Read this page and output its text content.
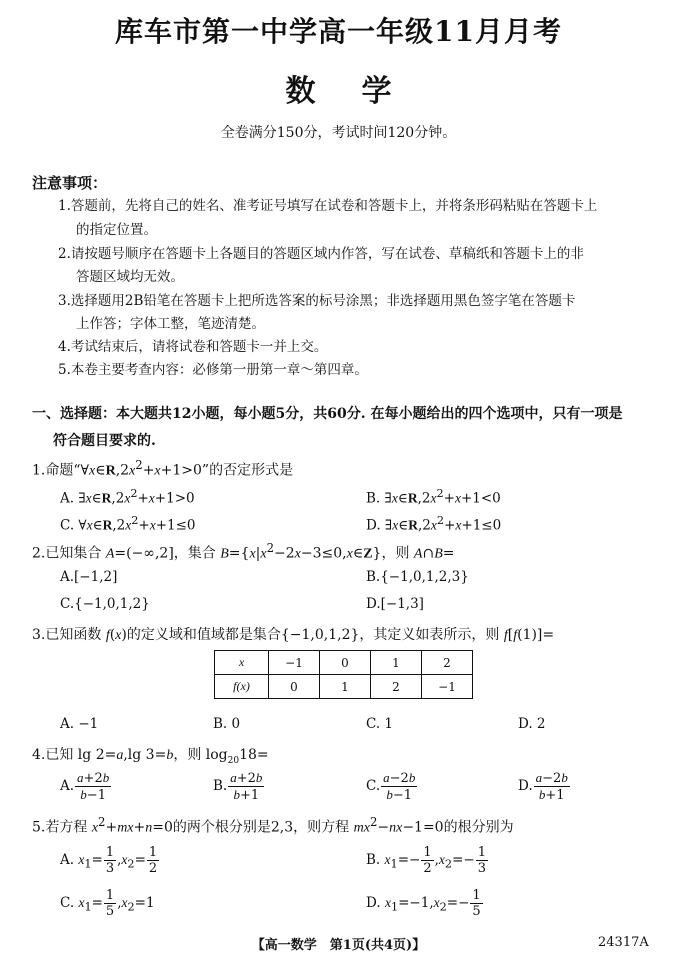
库车市第一中学高一年级11月月考
数学
全卷满分150分，考试时间120分钟。
注意事项：
1.答题前，先将自己的姓名、准考证号填写在试卷和答题卡上，并将条形码粘贴在答题卡上
的指定位置。
2.请按题号顺序在答题卡上各题目的答题区域内作答，写在试卷、草稿纸和答题卡上的非
答题区域均无效。
3.选择题用2B铅笔在答题卡上把所选答案的标号涂黑；非选择题用黑色签字笔在答题卡
上作答；字体工整，笔迹清楚。
4.考试结束后，请将试卷和答题卡一并上交。
5.本卷主要考查内容：必修第一册第一章～第四章。
一、选择题：本大题共12小题，每小题5分，共60分. 在每小题给出的四个选项中，只有一项是
符合题目要求的.
1.命题“$\forall x\in R,2x^2+x+1>0$”的否定形式是
A. $\exists x\in R,2x^2+x+1>0$	B. $\exists x\in R,2x^2+x+1<0$
C. $\forall x\in R,2x^2+x+1\le 0$	D. $\exists x\in R,2x^2+x+1\le 0$
2.已知集合 A=(−∞,2]，集合 $B=\{x|x^2-2x-3\le 0,x\in Z\}$，则 A∩B=
A.[−1,2]	B.{−1,0,1,2,3}
C.{−1,0,1,2}	D.[−1,3]
3.已知函数 f(x)的定义域和值域都是集合{−1,0,1,2}，其定义如表所示，则 f[f(1)]=
x	−1	0	1	2
f(x)	0	1	2	−1
A. −1	B. 0	C. 1	D. 2
4.已知 lg 2=a,lg 3=b，则 $\log_{20}18=$
A. $\frac{a+2b}{b-1}$	B. $\frac{a+2b}{b+1}$	C. $\frac{a-2b}{b-1}$	D. $\frac{a-2b}{b+1}$
5.若方程 $x^2+mx+n=0$的两个根分别是2,3，则方程 $mx^2-nx-1=0$的根分别为
A. $x_1= \frac{1}{3} ,x_2= \frac{1}{2}$	B. $x_1=- \frac{1}{2} ,x_2=- \frac{1}{3}$
C. $x_1= \frac{1}{5} ,x_2=1$	D. $x_1=-1,x_2=- \frac{1}{5}$
【高一数学　第1页(共4页)】	24317A
